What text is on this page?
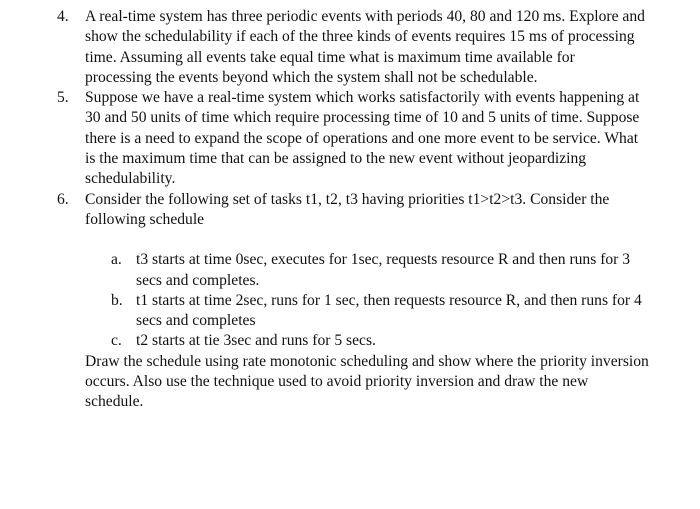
4. A real-time system has three periodic events with periods 40, 80 and 120 ms. Explore and show the schedulability if each of the three kinds of events requires 15 ms of processing time. Assuming all events take equal time what is maximum time available for processing the events beyond which the system shall not be schedulable.
5. Suppose we have a real-time system which works satisfactorily with events happening at 30 and 50 units of time which require processing time of 10 and 5 units of time. Suppose there is a need to expand the scope of operations and one more event to be service. What is the maximum time that can be assigned to the new event without jeopardizing schedulability.
6. Consider the following set of tasks t1, t2, t3 having priorities t1>t2>t3. Consider the following schedule
a. t3 starts at time 0sec, executes for 1sec, requests resource R and then runs for 3 secs and completes.
b. t1 starts at time 2sec, runs for 1 sec, then requests resource R, and then runs for 4 secs and completes
c. t2 starts at tie 3sec and runs for 5 secs.
Draw the schedule using rate monotonic scheduling and show where the priority inversion occurs. Also use the technique used to avoid priority inversion and draw the new schedule.
